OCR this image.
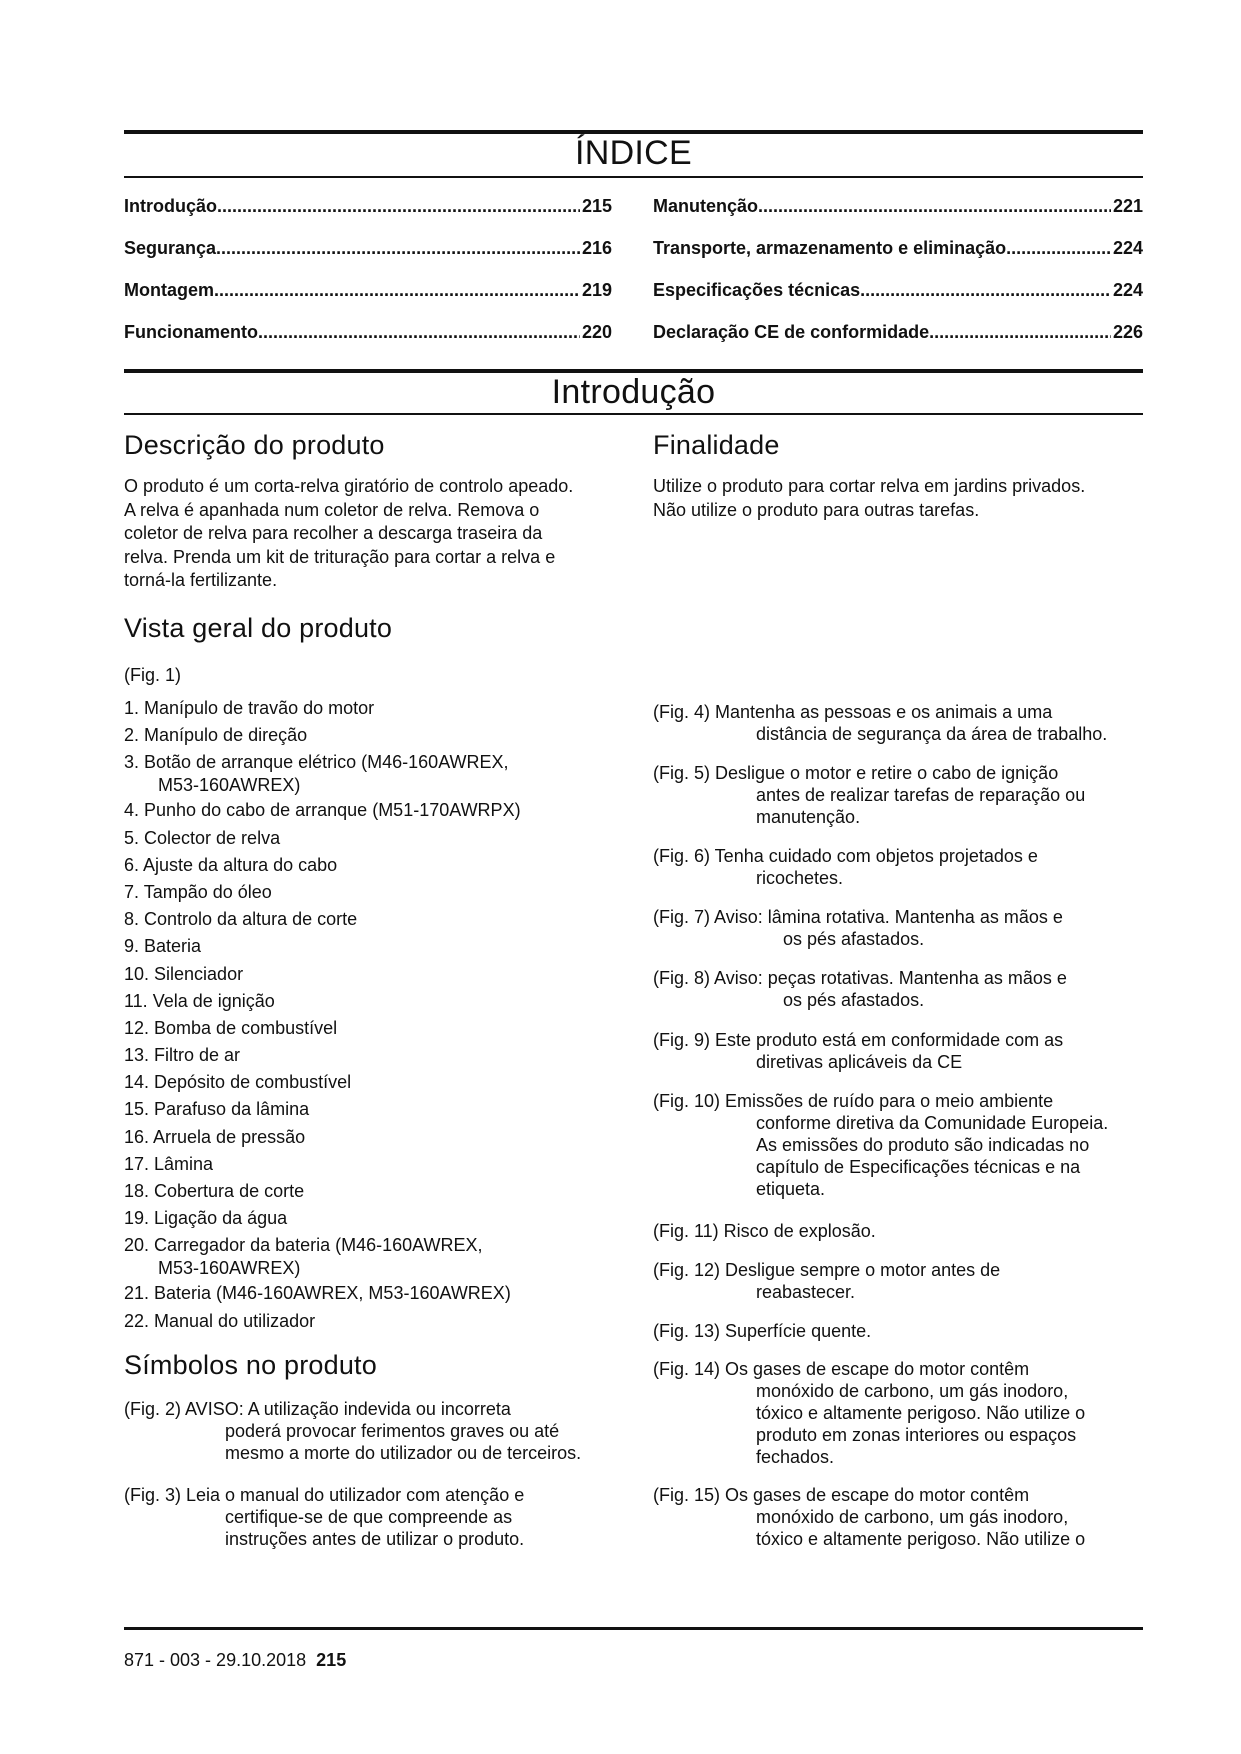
ÍNDICE
Introdução .....	215
Segurança .....	216
Montagem .....	219
Funcionamento .....	220
Manutenção .....	221
Transporte, armazenamento e eliminação .....	224
Especificações técnicas .....	224
Declaração CE de conformidade .....	226
Introdução
Descrição do produto
O produto é um corta-relva giratório de controlo apeado.
A relva é apanhada num coletor de relva. Remova o
coletor de relva para recolher a descarga traseira da
relva. Prenda um kit de trituração para cortar a relva e
torná-la fertilizante.
Finalidade
Utilize o produto para cortar relva em jardins privados.
Não utilize o produto para outras tarefas.
Vista geral do produto
(Fig. 1)
1. Manípulo de travão do motor
2. Manípulo de direção
3. Botão de arranque elétrico (M46-160AWREX,
M53-160AWREX)
4. Punho do cabo de arranque (M51-170AWRPX)
5. Colector de relva
6. Ajuste da altura do cabo
7. Tampão do óleo
8. Controlo da altura de corte
9. Bateria
10. Silenciador
11. Vela de ignição
12. Bomba de combustível
13. Filtro de ar
14. Depósito de combustível
15. Parafuso da lâmina
16. Arruela de pressão
17. Lâmina
18. Cobertura de corte
19. Ligação da água
20. Carregador da bateria (M46-160AWREX,
M53-160AWREX)
21. Bateria (M46-160AWREX, M53-160AWREX)
22. Manual do utilizador
Símbolos no produto
(Fig. 2) AVISO: A utilização indevida ou incorreta
poderá provocar ferimentos graves ou até
mesmo a morte do utilizador ou de terceiros.
(Fig. 3) Leia o manual do utilizador com atenção e
certifique-se de que compreende as
instruções antes de utilizar o produto.
(Fig. 4) Mantenha as pessoas e os animais a uma
distância de segurança da área de trabalho.
(Fig. 5) Desligue o motor e retire o cabo de ignição
antes de realizar tarefas de reparação ou
manutenção.
(Fig. 6) Tenha cuidado com objetos projetados e
ricochetes.
(Fig. 7) Aviso: lâmina rotativa. Mantenha as mãos e
os pés afastados.
(Fig. 8) Aviso: peças rotativas. Mantenha as mãos e
os pés afastados.
(Fig. 9) Este produto está em conformidade com as
diretivas aplicáveis da CE
(Fig. 10) Emissões de ruído para o meio ambiente
conforme diretiva da Comunidade Europeia.
As emissões do produto são indicadas no
capítulo de Especificações técnicas e na
etiqueta.
(Fig. 11) Risco de explosão.
(Fig. 12) Desligue sempre o motor antes de
reabastecer.
(Fig. 13) Superfície quente.
(Fig. 14) Os gases de escape do motor contêm
monóxido de carbono, um gás inodoro,
tóxico e altamente perigoso. Não utilize o
produto em zonas interiores ou espaços
fechados.
(Fig. 15) Os gases de escape do motor contêm
monóxido de carbono, um gás inodoro,
tóxico e altamente perigoso. Não utilize o
871 - 003 - 29.10.2018 215
